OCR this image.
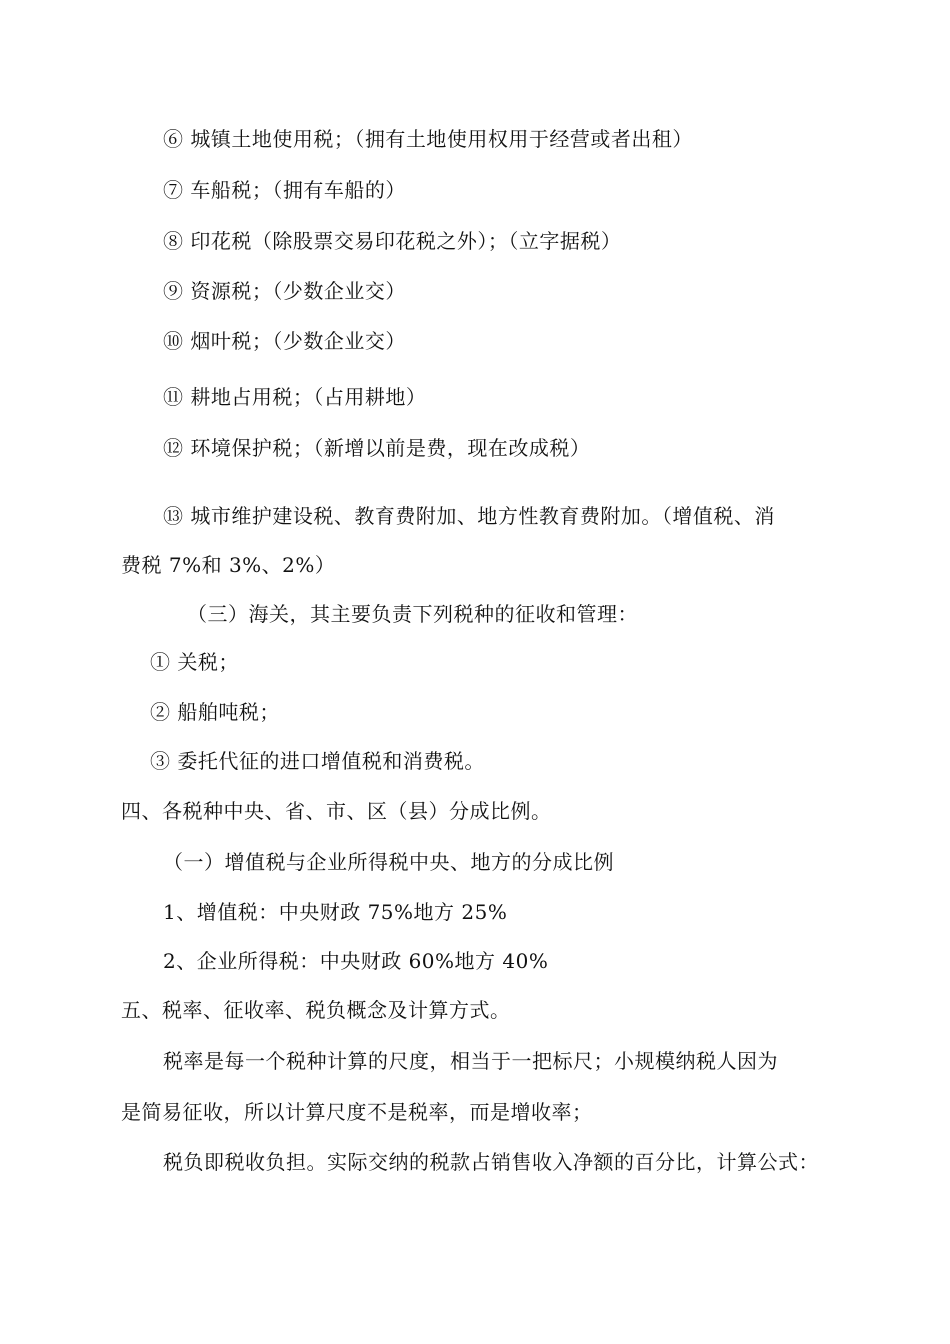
⑥ 城镇土地使用税；（拥有土地使用权用于经营或者出租）
⑦ 车船税；（拥有车船的）
⑧ 印花税（除股票交易印花税之外）；（立字据税）
⑨ 资源税；（少数企业交）
⑩ 烟叶税；（少数企业交）
⑪ 耕地占用税；（占用耕地）
⑫ 环境保护税；（新增以前是费，现在改成税）
⑬ 城市维护建设税、教育费附加、地方性教育费附加。（增值税、消
费税 7%和 3%、2%）
（三）海关，其主要负责下列税种的征收和管理：
① 关税；
② 船舶吨税；
③ 委托代征的进口增值税和消费税。
四、各税种中央、省、市、区（县）分成比例。
（一）增值税与企业所得税中央、地方的分成比例
1、增值税：中央财政 75%地方 25%
2、企业所得税：中央财政 60%地方 40%
五、税率、征收率、税负概念及计算方式。
税率是每一个税种计算的尺度，相当于一把标尺；小规模纳税人因为
是简易征收，所以计算尺度不是税率，而是增收率；
税负即税收负担。实际交纳的税款占销售收入净额的百分比，计算公式：
